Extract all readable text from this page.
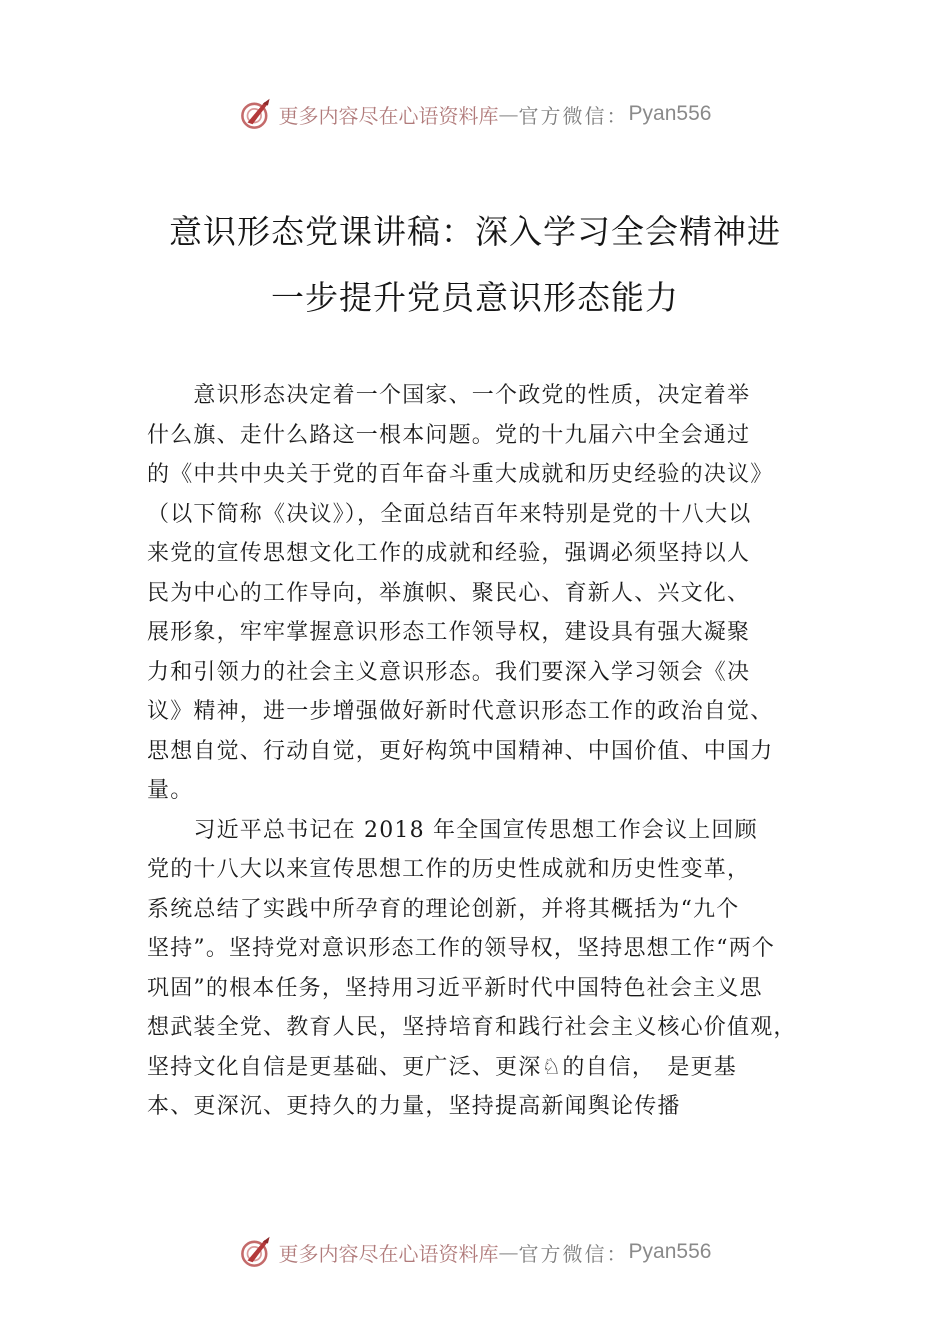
更多内容尽在心语资料库 — 官方微信： Pyan556
意识形态党课讲稿：深入学习全会精神进
一步提升党员意识形态能力
　　意识形态决定着一个国家、一个政党的性质，决定着举
什么旗、走什么路这一根本问题。党的十九届六中全会通过
的《中共中央关于党的百年奋斗重大成就和历史经验的决议》
（以下简称《决议》），全面总结百年来特别是党的十八大以
来党的宣传思想文化工作的成就和经验，强调必须坚持以人
民为中心的工作导向，举旗帜、聚民心、育新人、兴文化、
展形象，牢牢掌握意识形态工作领导权，建设具有强大凝聚
力和引领力的社会主义意识形态。我们要深入学习领会《决
议》精神，进一步增强做好新时代意识形态工作的政治自觉、
思想自觉、行动自觉，更好构筑中国精神、中国价值、中国力
量。
　　习近平总书记在 2018 年全国宣传思想工作会议上回顾
党的十八大以来宣传思想工作的历史性成就和历史性变革，
系统总结了实践中所孕育的理论创新，并将其概括为“九个
坚持”。坚持党对意识形态工作的领导权，坚持思想工作“两个
巩固”的根本任务，坚持用习近平新时代中国特色社会主义思
想武装全党、教育人民，坚持培育和践行社会主义核心价值观，
坚持文化自信是更基础、更广泛、更深♘的自信，　是更基
本、更深沉、更持久的力量，坚持提高新闻舆论传播
更多内容尽在心语资料库 — 官方微信： Pyan556
